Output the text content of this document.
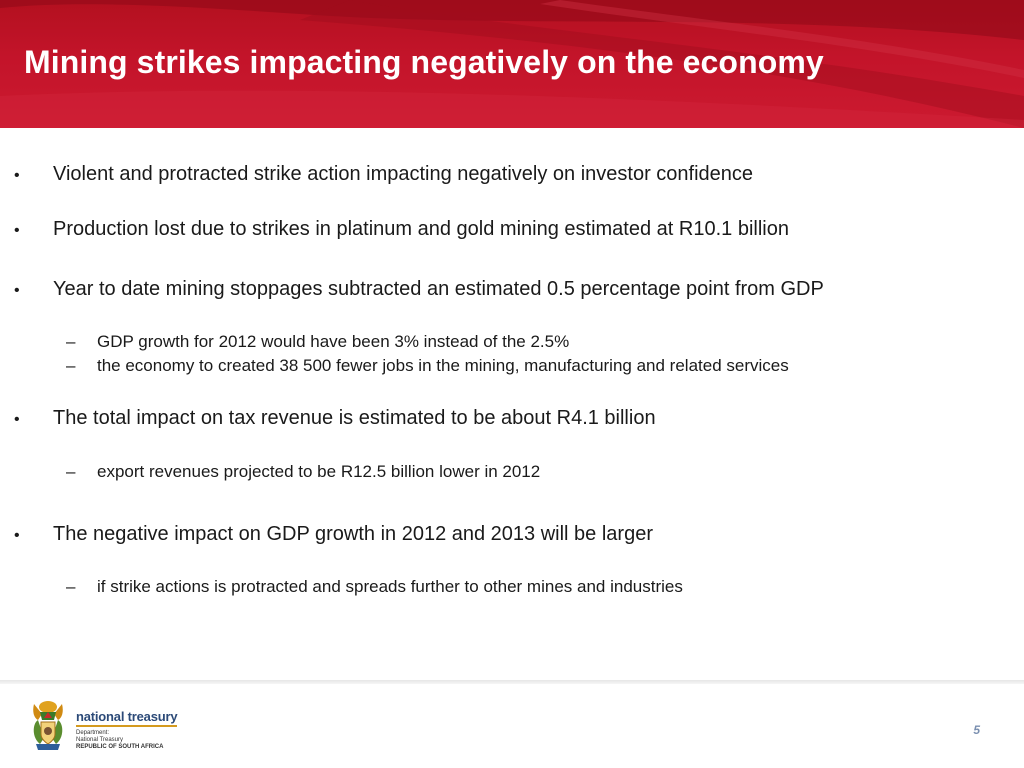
Mining strikes impacting negatively on the economy
•	Violent and protracted strike action impacting negatively on investor confidence
•	Production lost due to strikes in platinum and gold mining estimated at R10.1 billion
•	Year to date mining stoppages subtracted an estimated 0.5 percentage point from GDP
–	GDP growth for 2012 would have been 3% instead of the 2.5%
–	the economy to created 38 500 fewer jobs in the mining, manufacturing and related services
•	The total impact on tax revenue is estimated to be about R4.1 billion
–	export revenues projected to be R12.5 billion lower in 2012
•	The negative impact on GDP growth in 2012 and 2013 will be larger
–	if strike actions is protracted and spreads further to other mines and industries
national treasury
Department:
National Treasury
REPUBLIC OF SOUTH AFRICA
5
